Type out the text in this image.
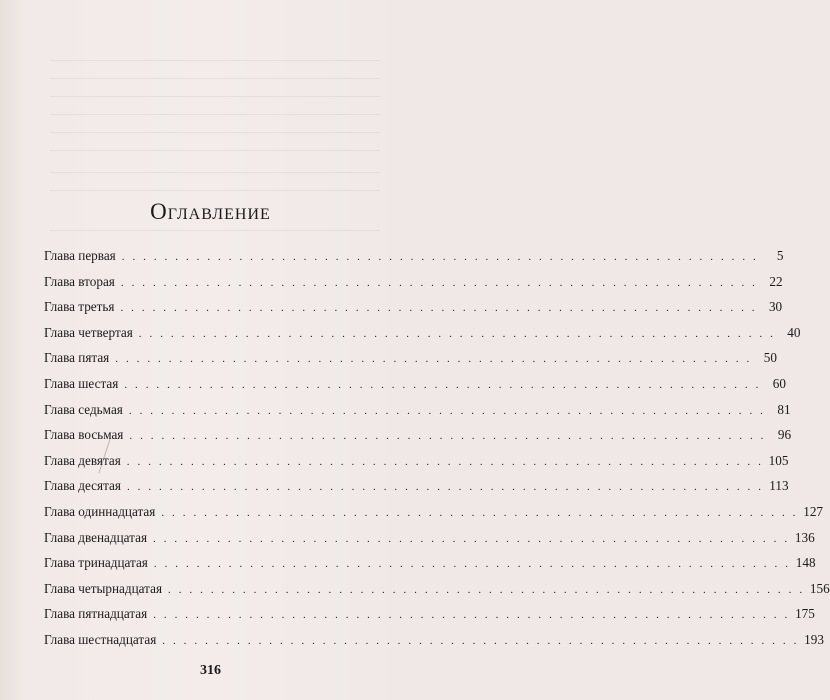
Оглавление
Глава первая . . . . . . . . . . . . . . . . . . . . . . . . . . . . . . . . . . . . . . . . . . . . . . . . . . . . . . . . . . . .	5
Глава вторая . . . . . . . . . . . . . . . . . . . . . . . . . . . . . . . . . . . . . . . . . . . . . . . . . . . . . . . . . . . . 22
Глава третья . . . . . . . . . . . . . . . . . . . . . . . . . . . . . . . . . . . . . . . . . . . . . . . . . . . . . . . . . . . . 30
Глава четвертая . . . . . . . . . . . . . . . . . . . . . . . . . . . . . . . . . . . . . . . . . . . . . . . . . . . . . . . . . . . . 40
Глава пятая . . . . . . . . . . . . . . . . . . . . . . . . . . . . . . . . . . . . . . . . . . . . . . . . . . . . . . . . . . . . 50
Глава шестая . . . . . . . . . . . . . . . . . . . . . . . . . . . . . . . . . . . . . . . . . . . . . . . . . . . . . . . . . . . . 60
Глава седьмая . . . . . . . . . . . . . . . . . . . . . . . . . . . . . . . . . . . . . . . . . . . . . . . . . . . . . . . . . . . . 81
Глава восьмая . . . . . . . . . . . . . . . . . . . . . . . . . . . . . . . . . . . . . . . . . . . . . . . . . . . . . . . . . . . . 96
Глава девятая . . . . . . . . . . . . . . . . . . . . . . . . . . . . . . . . . . . . . . . . . . . . . . . . . . . . . . . . . . . . 105
Глава десятая . . . . . . . . . . . . . . . . . . . . . . . . . . . . . . . . . . . . . . . . . . . . . . . . . . . . . . . . . . . . 113
Глава одиннадцатая . . . . . . . . . . . . . . . . . . . . . . . . . . . . . . . . . . . . . . . . . . . . . . . . . . . . . . . . . . . . 127
Глава двенадцатая . . . . . . . . . . . . . . . . . . . . . . . . . . . . . . . . . . . . . . . . . . . . . . . . . . . . . . . . . . . . 136
Глава тринадцатая . . . . . . . . . . . . . . . . . . . . . . . . . . . . . . . . . . . . . . . . . . . . . . . . . . . . . . . . . . . . 148
Глава четырнадцатая . . . . . . . . . . . . . . . . . . . . . . . . . . . . . . . . . . . . . . . . . . . . . . . . . . . . . . . . . . . . 156
Глава пятнадцатая . . . . . . . . . . . . . . . . . . . . . . . . . . . . . . . . . . . . . . . . . . . . . . . . . . . . . . . . . . . . 175
Глава шестнадцатая . . . . . . . . . . . . . . . . . . . . . . . . . . . . . . . . . . . . . . . . . . . . . . . . . . . . . . . . . . . . 193
316
